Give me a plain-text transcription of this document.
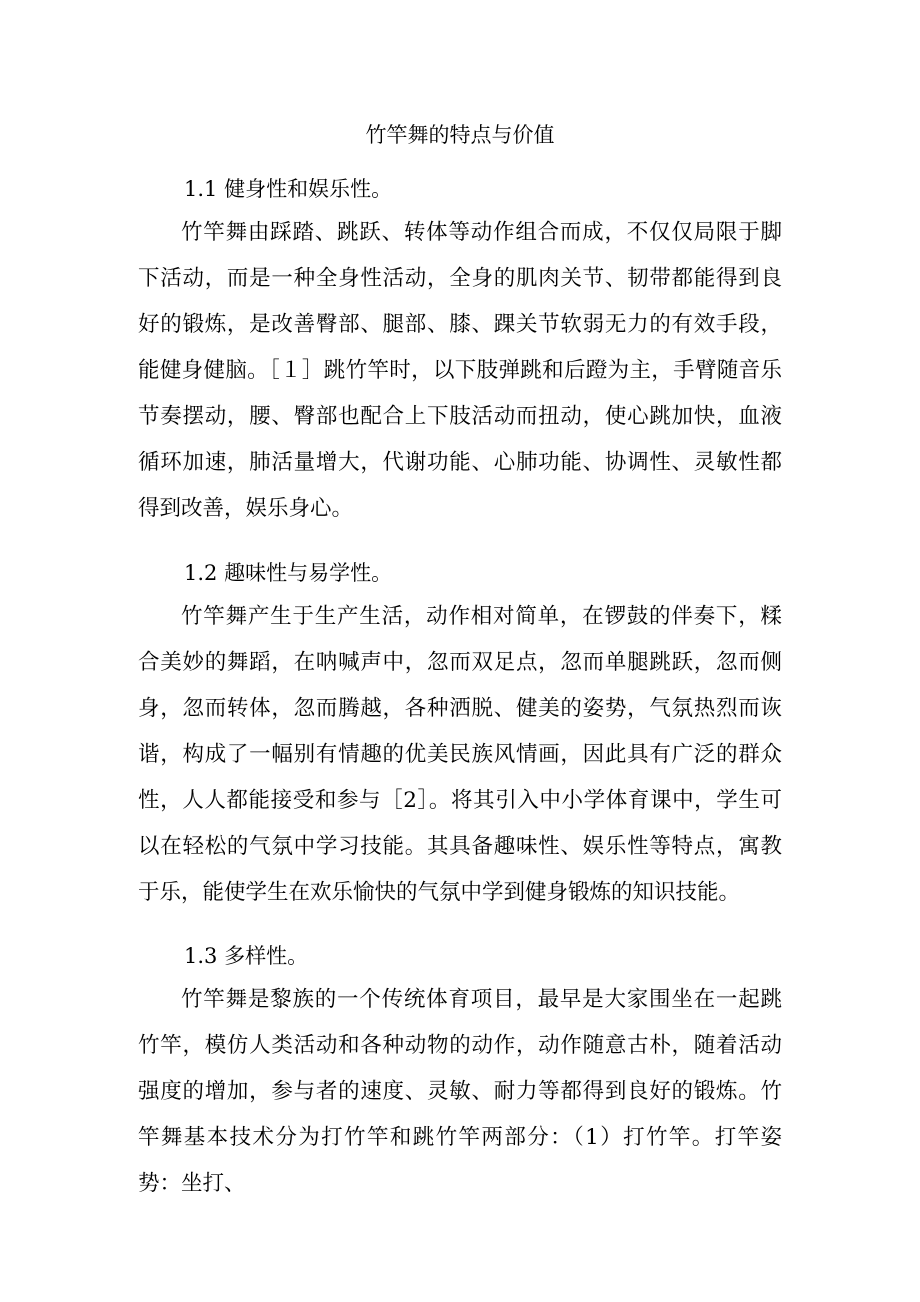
竹竿舞的特点与价值
1.1 健身性和娱乐性。

竹竿舞由踩踏、跳跃、转体等动作组合而成，不仅仅局限于脚下活动，而是一种全身性活动，全身的肌肉关节、韧带都能得到良好的锻炼，是改善臀部、腿部、膝、踝关节软弱无力的有效手段，能健身健脑。［１］跳竹竿时，以下肢弹跳和后蹬为主，手臂随音乐节奏摆动，腰、臀部也配合上下肢活动而扭动，使心跳加快，血液循环加速，肺活量增大，代谢功能、心肺功能、协调性、灵敏性都得到改善，娱乐身心。

1.2 趣味性与易学性。

竹竿舞产生于生产生活，动作相对简单，在锣鼓的伴奏下，糅合美妙的舞蹈，在呐喊声中，忽而双足点，忽而单腿跳跃，忽而侧身，忽而转体，忽而腾越，各种洒脱、健美的姿势，气氛热烈而诙谐，构成了一幅别有情趣的优美民族风情画，因此具有广泛的群众性，人人都能接受和参与［2］。将其引入中小学体育课中，学生可以在轻松的气氛中学习技能。其具备趣味性、娱乐性等特点，寓教于乐，能使学生在欢乐愉快的气氛中学到健身锻炼的知识技能。

1.3 多样性。

竹竿舞是黎族的一个传统体育项目，最早是大家围坐在一起跳竹竿，模仿人类活动和各种动物的动作，动作随意古朴，随着活动强度的增加，参与者的速度、灵敏、耐力等都得到良好的锻炼。竹竿舞基本技术分为打竹竿和跳竹竿两部分：（1）打竹竿。打竿姿势：坐打、
